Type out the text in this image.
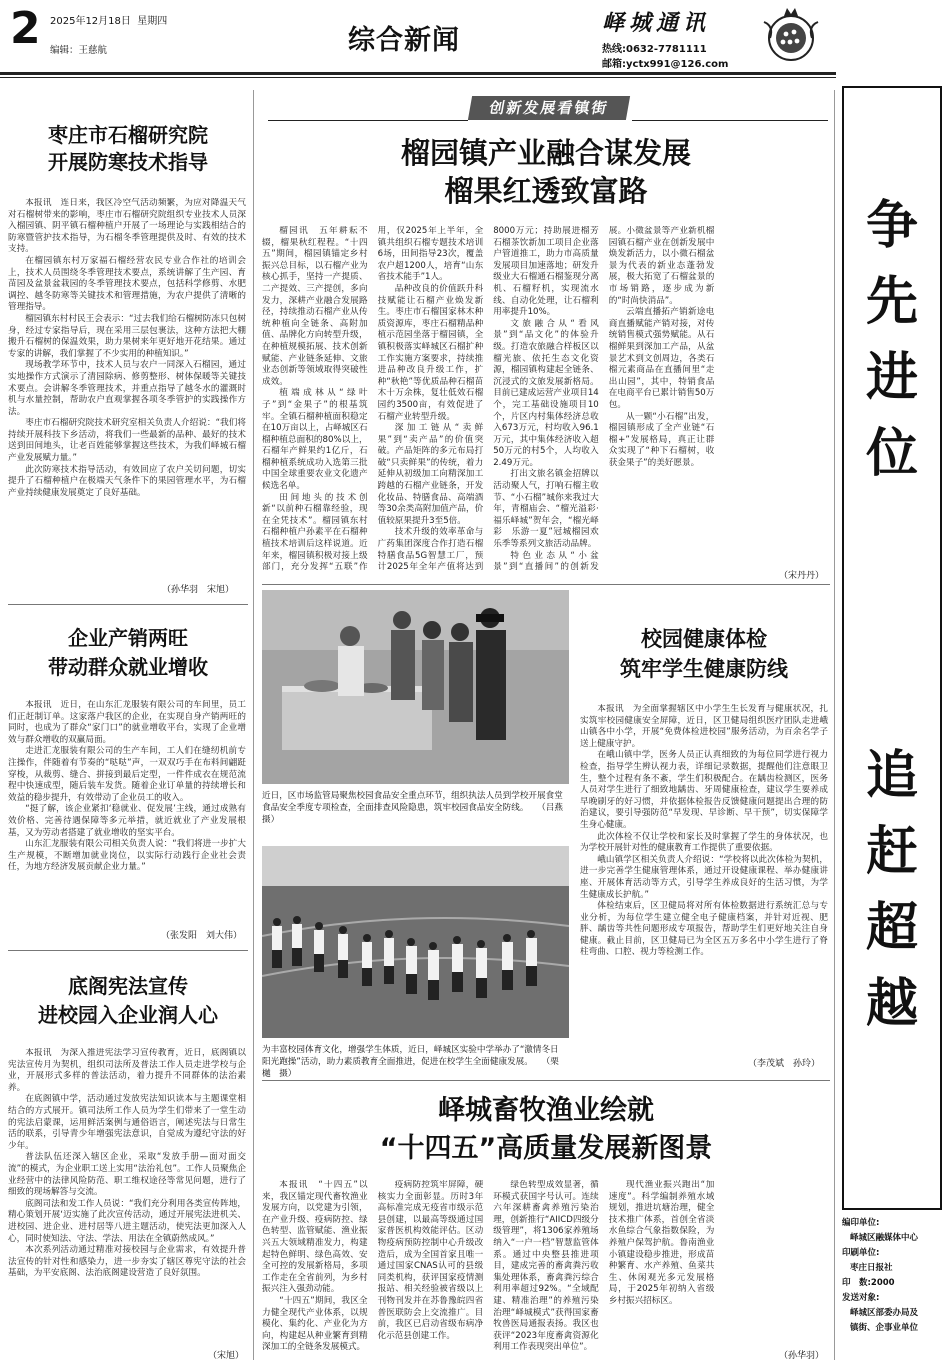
2 2025年12月18日 星期四
编辑：王慈航	综合新闻
峄城通讯
热线:0632-7781111
邮箱:yctx991@126.com
争
先
进
位
追
赶
超
越
编印单位:
峄城区融媒体中心
印刷单位:
枣庄日报社
印　数:2000
发送对象:
峄城区部委办局及
镇街、企事业单位
枣庄市石榴研究院
开展防寒技术指导

本报讯　连日来，我区冷空气活动频繁，为应对降温天气对石榴树带来的影响，枣庄市石榴研究院组织专业技术人员深入榴园镇、阴平镇石榴种植户开展了一场理论与实践相结合的防寒暨管护技术指导，为石榴冬季管理提供及时、有效的技术支持。

在榴园镇东村万家福石榴经营农民专业合作社的培训会上，技术人员围绕冬季管理技术要点，系统讲解了生产园、育苗园及盆景盆栽园的冬季管理技术要点，包括科学修剪、水肥调控、越冬防寒等关键技术和管理措施，为农户提供了清晰的管理指导。

榴园镇东村村民王会表示：“过去我们给石榴树防冻只包树身，经过专家指导后，现在采用三层包裹法，这种方法把大棚搬升石榴树的保温效果，助力果树来年更好地开花结果。通过专家的讲解，我们掌握了不少实用的种植知识。”

现场教学环节中，技术人员与农户一同深入石榴园，通过实地操作方式演示了清园除病、修剪整形、树体保暖等关键技术要点。会讲解冬季管理技术，并重点指导了越冬水的灌溉时机与水量控制，帮助农户直观掌握各项冬季管护的实践操作方法。

枣庄市石榴研究院技术研究室相关负责人介绍说：“我们将持续开展科技下乡活动，将我们一些最新的品种、最好的技术送到田间地头，让老百姓能够掌握这些技术，为我们峄城石榴产业发展赋力量。”

此次防寒技术指导活动，有效回应了农户关切问题，切实提升了石榴种植户在极端天气条件下的果园管理水平，为石榴产业持续健康发展奠定了良好基础。

（孙华羽　宋旭）
企业产销两旺
带动群众就业增收

本报讯　近日，在山东汇龙服装有限公司的车间里，员工们正赶制订单。这家落户我区的企业，在实现自身产销两旺的同时，也成为了群众“家门口”的就业增收平台，实现了企业增效与群众增收的双赢局面。

走进汇龙服装有限公司的生产车间，工人们在缝纫机前专注操作，伴随着有节奏的“哒哒”声，一双双巧手在布料间翩跹穿梭，从裁剪、缝合、拼接到最后定型，一件件成衣在规范流程中快速成型，随后装车发货。随着企业订单量的持续增长和效益的稳步提升，有效带动了企业员工的收入。

“挺了解，该企业紧扣‘稳就业、促发展’主线，通过成熟有效价格、完善待遇保障等多元举措，就近就业了产业发展根基，又为劳动者搭建了就业增收的坚实平台。

山东汇龙服装有限公司相关负责人说：“我们将进一步扩大生产规模，不断增加就业岗位，以实际行动践行企业社会责任，为地方经济发展贡献企业力量。”

（张发阳　刘大伟）
底阁宪法宣传
进校园入企业润人心

本报讯　为深入推进宪法学习宣传教育，近日，底阁镇以宪法宣传月为契机，组织司法所及普法工作人员走进学校与企业，开展形式多样的普法活动，着力提升不同群体的法治素养。

在底阁镇中学，活动通过发放宪法知识读本与主题课堂相结合的方式展开。镇司法所工作人员为学生们带来了一堂生动的宪法启蒙课，运用鲜活案例与通俗语言，阐述宪法与日常生活的联系，引导青少年增强宪法意识，自觉成为遵纪守法的好少年。

普法队伍还深入辖区企业，采取“发放手册—面对面交流”的模式，为企业职工送上实用“法治礼包”。工作人员聚焦企业经营中的法律风险防范、职工维权途径等常见问题，进行了细致的现场解答与交流。

底阁司法和发工作人员说：“我们充分利用各类宣传阵地，精心策划开展‘迈实施了此次宣传活动，通过开展宪法进机关、进校园、进企业、进村居等八进主题活动，使宪法更加深入人心，同时使知法、守法、学法、用法在全镇蔚然成风。”

本次系列活动通过精准对接校园与企业需求，有效提升普法宣传的针对性和感染力，进一步夯实了辖区尊宪守法的社会基础，为平安底阁、法治底阁建设营造了良好氛围。

（宋旭）
创新发展看镇街
榴园镇产业融合谋发展
榴果红透致富路

榴园讯　五年耕耘不辍，榴果秋红程程。“十四五”期间，榴园镇锚定乡村振兴总目标，以石榴产业为核心抓手，坚持一产提质、二产提效、三产提创，多向发力，深耕产业融合发展路径，持续推动石榴产业从传统种植向全链条、高附加值、品牌化方向转型升级，在种植规模拓展、技术创新赋能、产业链条延伸、文旅业态创新等领域取得突破性成效。

植端成林从“绿叶子”到“金果子”的根基筑牢。全镇石榴种植面积稳定在10万亩以上，占峄城区石榴种植总面积的80%以上，石榴年产鲜果约1亿斤，石榴种植系统成功入选第三批中国全球重要农业文化遗产候选名单。

田间地头的技术创新“以前种石榴靠经验，现在全凭技术”。榴园镇东村石榴种植户孙素平在石榴种植技术培训后这样说道。近年来，榴园镇积极对接上级部门，充分发挥“五联”作用，仅2025年上半年，全镇共组织石榴专题技术培训6场，田间指导23次，覆盖农户超1200人，培育“山东省技术能手”1人。

品种改良的价值跃升科技赋能让石榴产业焕发新生。枣庄市石榴国家林木种质资源库，枣庄石榴精品种植示范园坐落于榴园镇，全镇积极落实峄城区石榴扩种工作实施方案要求，持续推进品种改良升级工作，扩种“秋艳”等优质品种石榴苗木十万余株，复壮低效石榴园约3500亩，有效促进了石榴产业转型升级。

深加工链从“卖鲜果”到“卖产品”的价值突破。产品矩阵的多元布局打破“只卖鲜果”的传统，着力延伸从初级加工向精深加工跨越的石榴产业链条，开发化妆品、特膳食品、高端酒等30余类高附加值产品，价值较原果提升3至5倍。

技术升级的效率革命与广药集团深度合作打造石榴特膳食品5G智慧工厂，预计2025年全年产值将达到8000万元；持助展进榴芳石榴茶饮新加工项目企业落户管道推工，助力市高质量发展项目加速落地；研发升级业大石榴通石榴鉴现分离机、石榴籽机，实现流水线、自动化处理，让石榴利用率提升10%。

文旅融合从“看风景”到“品文化”的体验升级。打造农旅融合样板区以榴光旅、依托生态文化资源，榴园镇构建起全链条、沉浸式的文旅发展新格局。目前已建成运营产业项目14个，完工基础设施项目10个，片区内村集体经济总收入673万元，村均收入96.1万元，其中集体经济收入超50万元的村5个，人均收入2.49万元。

打出文旅名镇金招牌以活动聚人气，打响石榴主收节、“小石榴”城你来我过大年，青榴庙会、“榴光溢彩·福乐峄城”贺年会，“榴光峄彩　乐游一夏”冠城榴园欢乐季等系列文旅活动品牌。

特色业态从“小盆景”到“直播间”的创新发展。小微盆景等产业新机榴园镇石榴产业在创新发展中焕发新活力，以小微石榴盆景为代表的新业态蓬勃发展，极大拓宽了石榴盆景的市场销路，逐步成为新的“时尚快消品”。

云端直播拓产销新途电商直播赋能产销对接，对传统销售模式强势赋能。从石榴鲜果到深加工产品，从盆景艺术到文创周边，各类石榴元素商品在直播间里“走出山园”，其中，特销食品在电商平台已累计销售50万包。

从一颗“小石榴”出发，榴园镇形成了全产业链“石榴+”发展格局，真正让群众实现了“种下石榴树，收获金果子”的美好愿景。

（宋丹丹）
近日，区市场监管局聚焦校园食品安全重点环节，组织执法人员到学校开展食堂食品安全季度专项检查，全面排查风险隐患，筑牢校园食品安全防线。 （吕燕　摄）
为丰富校园体育文化，增强学生体质，近日，峄城区实验中学举办了“激情冬日　阳光跑操”活动，助力素质教育全面推进，促进在校学生全面健康发展。 （栗樾　摄）
校园健康体检
筑牢学生健康防线

本报讯　为全面掌握辖区中小学生生长发育与健康状况，扎实筑牢校园健康安全屏障，近日，区卫健局组织医疗团队走进峨山镇各中小学，开展“免费体检进校园”服务活动，为百余名学子送上健康守护。

在峨山镇中学，医务人员正认真细致的为每位同学进行视力检查，指导学生辨认视力表，详细记录数据，提醒他们注意眼卫生，整个过程有条不紊，学生们积极配合。在龋齿检测区，医务人员对学生进行了细致地龋齿、牙周健康检查，建议学生要养成早晚刷牙的好习惯，并依据体检报告反馈健康问题提出合理的防治建议，要引导强防范“早发现、早诊断、早干预”，切实保障学生身心健康。

此次体检不仅让学校和家长及时掌握了学生的身体状况，也为学校开展针对性的健康教育工作提供了重要依据。

峨山镇学区相关负责人介绍说：“学校将以此次体检为契机，进一步完善学生健康管理体系，通过开设健康课程、举办健康讲座、开展体育活动等方式，引导学生养成良好的生活习惯，为学生健康成长护航。”

体检结束后，区卫健局将对所有体检数据进行系统汇总与专业分析，为每位学生建立健全电子健康档案，并针对近视、肥胖、龋齿等共性问题形成专项报告，帮助学生们更好地关注自身健康。截止目前，区卫健局已为全区五万多名中小学生进行了脊柱弯曲、口腔、视力等检测工作。

（李茂斌　孙玲）
峄城畜牧渔业绘就
“十四五”高质量发展新图景

本报讯　“十四五”以来，我区锚定现代畜牧渔业发展方向，以党建为引领，在产业升级、疫病防控、绿色转型、监管赋能、渔业振兴五大领域精准发力，构建起特色鲜明、绿色高效、安全可控的发展新格局，多项工作走在全省前列，为乡村振兴注入强劲动能。

“十四五”期间，我区全力健全现代产业体系，以规模化、集约化、产业化为方向，构建起从种业繁育到精深加工的全链条发展模式。

疫病防控筑牢屏障，硬核实力全面彰显。历时3年高标准完成无疫省市级示范县创建，以最高等级通过国家普医机构效能评估。区动物疫病预防控制中心升级改造后，成为全国首家且唯一通过国家CNAS认可的县级同类机构，获评国家疫情测报站、相关经验被省级以上刊物刊发并在苏鲁豫皖四省普医联防会上交流推广。目前，我区已启动省级布病净化示范县创建工作。

绿色转型成效显著，循环模式获国字号认可。连续六年深耕畜禽养殖污染治理，创新推行“AIICD四级分级管理”，将1306家养殖场纳入“一户一档”智慧监管体系。通过中央整县推进项目，建成完善的畜禽粪污收集处理体系，畜禽粪污综合利用率超过92%。“全域配建、精准治理”的养殖污染治理“峄城模式”获得国家畜牧兽医局通报表扬。我区也获评“2023年度畜禽资源化利用工作表现突出单位”。

现代渔业振兴跑出“加速度”。科学编制养殖水域规划，推进坑塘治理，健全技术推广体系，首创全省淡水鱼综合气象指数保险，为养殖户保驾护航。鲁南渔业小镇建设稳步推进，形成苗种繁育、水产养殖、鱼菜共生、休闲观光多元发展格局，于2025年初纳入省级乡村振兴招标区。

（孙华羽）
